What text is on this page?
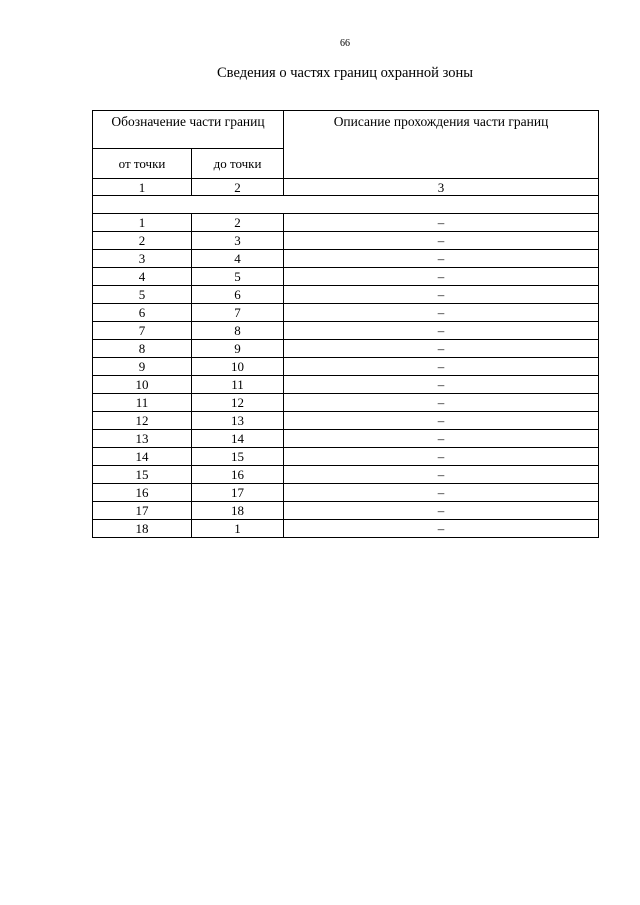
66
Сведения о частях границ охранной зоны
Обозначение части границ		Описание прохождения части границ
от точки	до точки	
1	2	3

1	2	–
2	3	–
3	4	–
4	5	–
5	6	–
6	7	–
7	8	–
8	9	–
9	10	–
10	11	–
11	12	–
12	13	–
13	14	–
14	15	–
15	16	–
16	17	–
17	18	–
18	1	–
